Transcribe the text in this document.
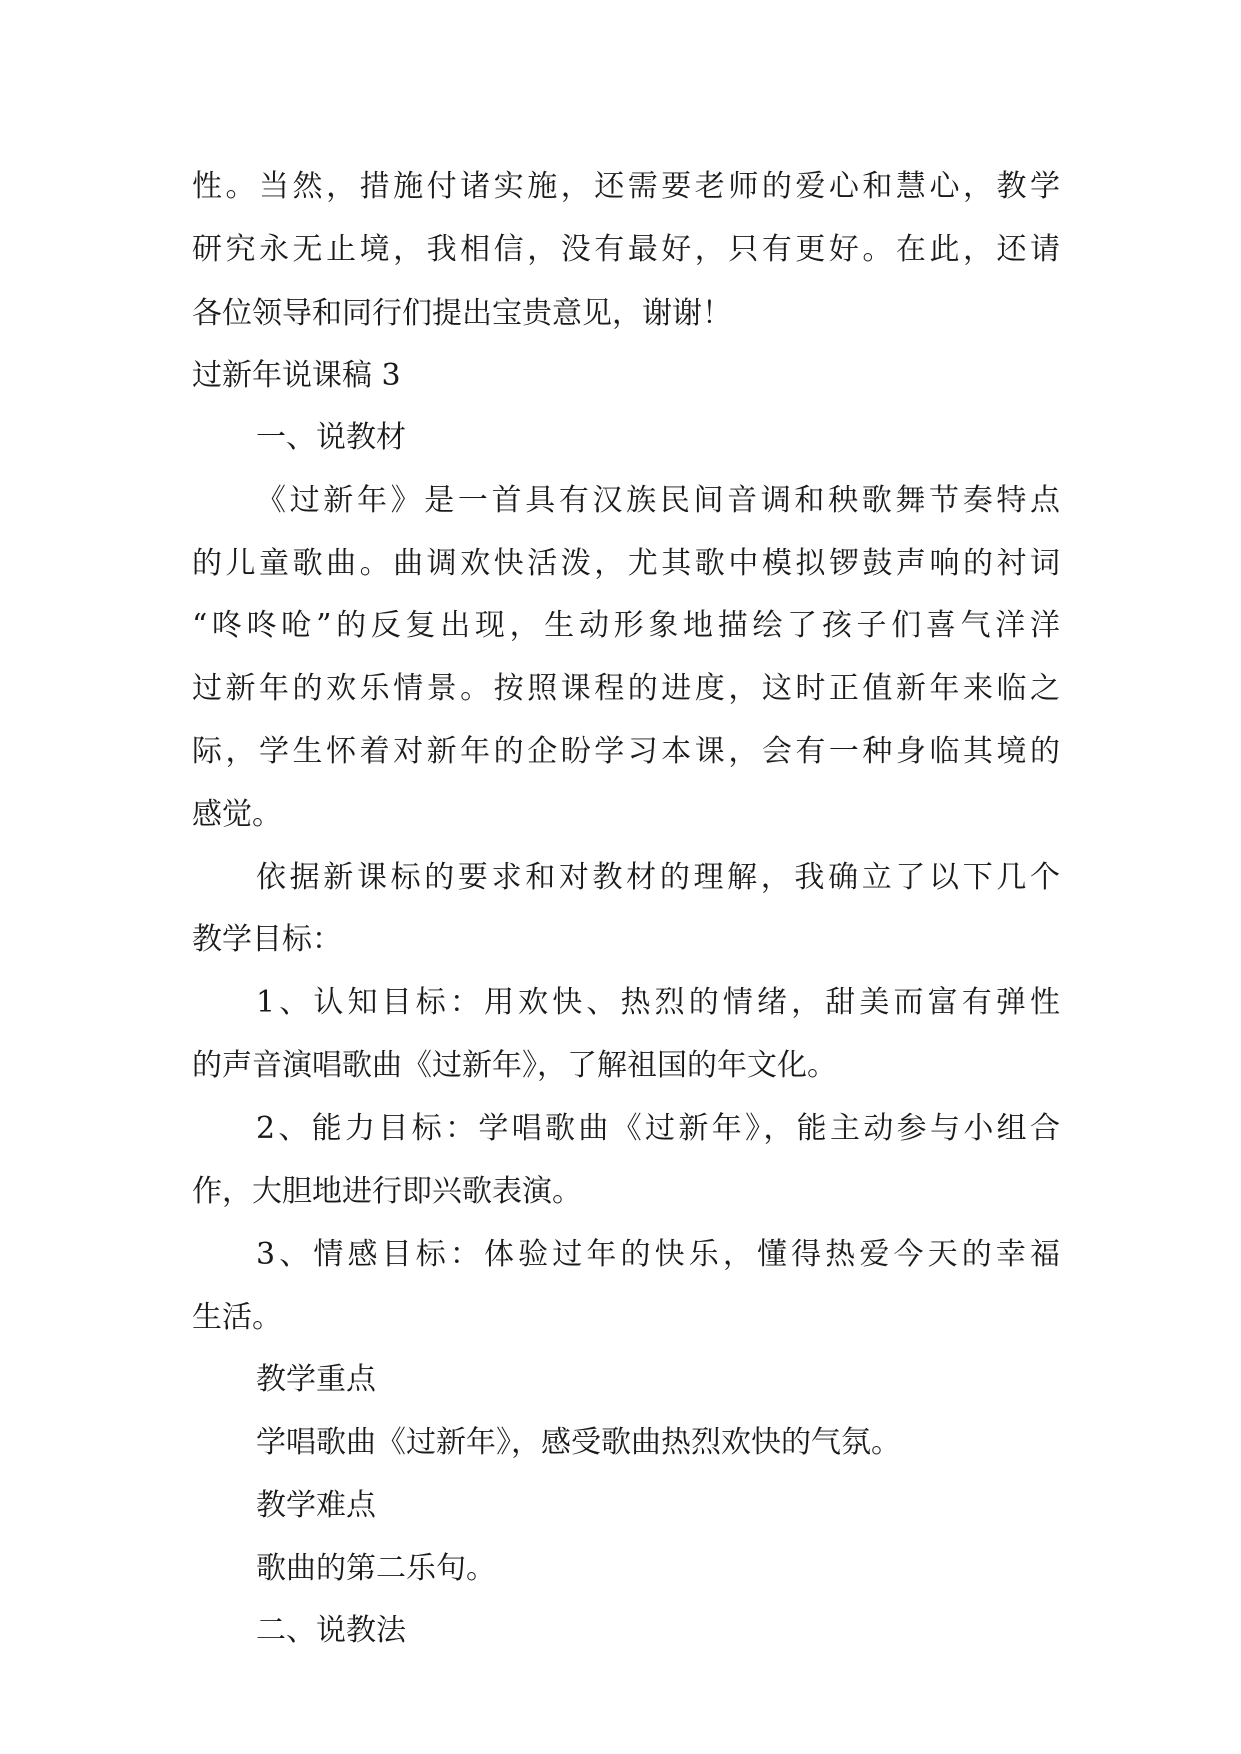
性。当然，措施付诸实施，还需要老师的爱心和慧心，教学
研究永无止境，我相信，没有最好，只有更好。在此，还请
各位领导和同行们提出宝贵意见，谢谢！
过新年说课稿 3
一、说教材
《过新年》是一首具有汉族民间音调和秧歌舞节奏特点
的儿童歌曲。曲调欢快活泼，尤其歌中模拟锣鼓声响的衬词
“咚咚呛”的反复出现，生动形象地描绘了孩子们喜气洋洋
过新年的欢乐情景。按照课程的进度，这时正值新年来临之
际，学生怀着对新年的企盼学习本课，会有一种身临其境的
感觉。
依据新课标的要求和对教材的理解，我确立了以下几个
教学目标：
1、认知目标：用欢快、热烈的情绪，甜美而富有弹性
的声音演唱歌曲《过新年》，了解祖国的年文化。
2、能力目标：学唱歌曲《过新年》，能主动参与小组合
作，大胆地进行即兴歌表演。
3、情感目标：体验过年的快乐，懂得热爱今天的幸福
生活。
教学重点
学唱歌曲《过新年》，感受歌曲热烈欢快的气氛。
教学难点
歌曲的第二乐句。
二、说教法
